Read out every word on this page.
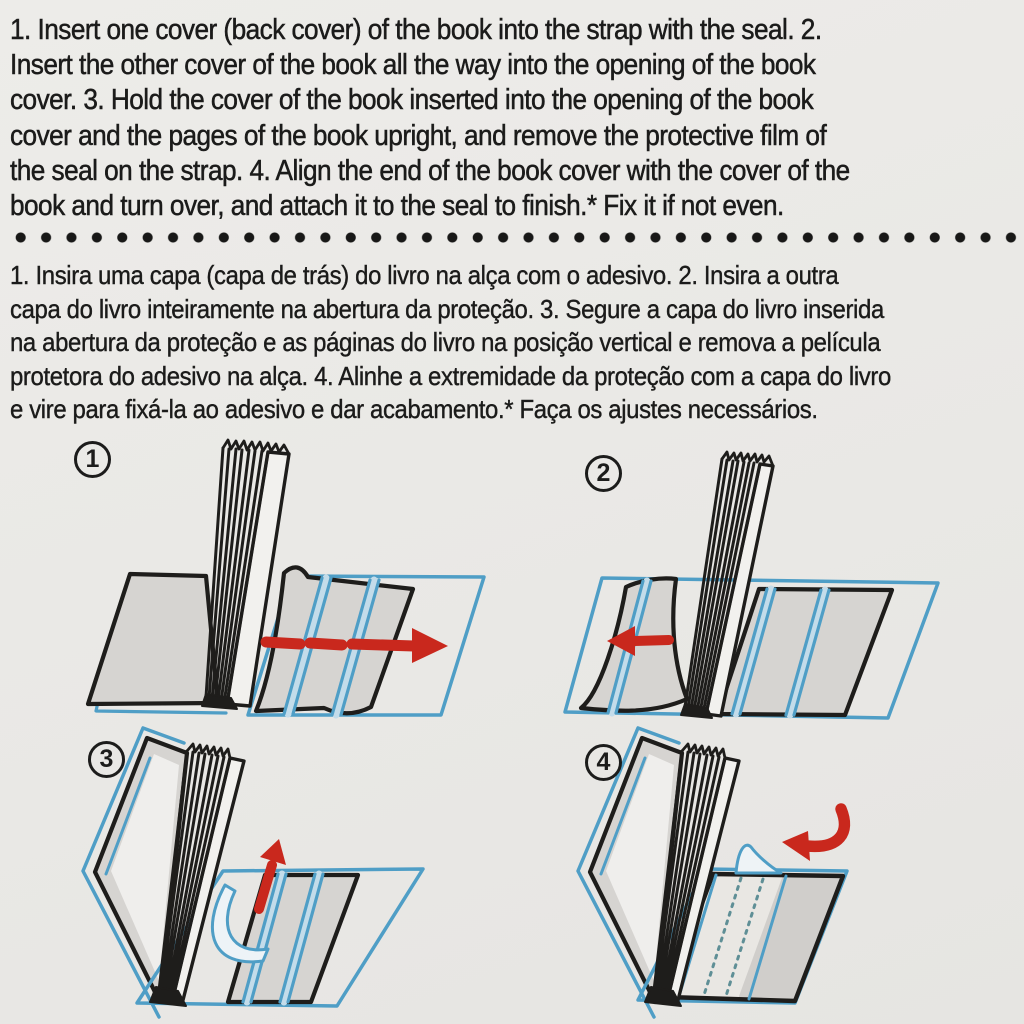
1. Insert one cover (back cover) of the book into the strap with the seal. 2.
Insert the other cover of the book all the way into the opening of the book
cover. 3. Hold the cover of the book inserted into the opening of the book
cover and the pages of the book upright, and remove the protective film of
the seal on the strap. 4. Align the end of the book cover with the cover of the
book and turn over, and attach it to the seal to finish.* Fix it if not even.
1. Insira uma capa (capa de trás) do livro na alça com o adesivo. 2. Insira a outra
capa do livro inteiramente na abertura da proteção. 3. Segure a capa do livro inserida
na abertura da proteção e as páginas do livro na posição vertical e remova a película
protetora do adesivo na alça. 4. Alinhe a extremidade da proteção com a capa do livro
e vire para fixá-la ao adesivo e dar acabamento.* Faça os ajustes necessários.
1	2
3	4
